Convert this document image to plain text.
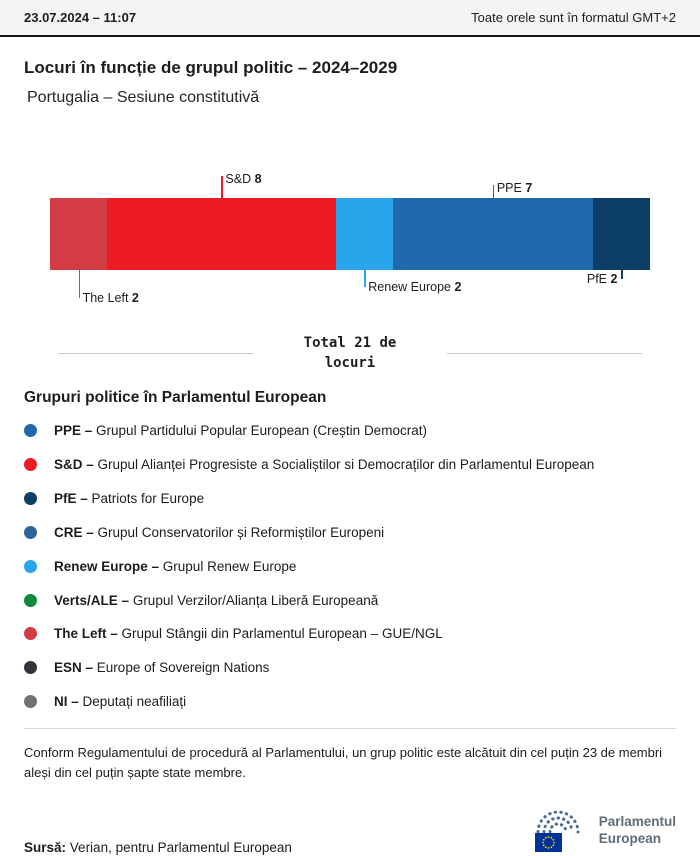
23.07.2024 – 11:07	Toate orele sunt în formatul GMT+2
Locuri în funcție de grupul politic – 2024–2029
Portugalia – Sesiune constitutivă
The Left 2
S&D 8
Renew Europe 2
PPE 7
PfE 2
Total 21 de locuri
Grupuri politice în Parlamentul European
PPE – Grupul Partidului Popular European (Creștin Democrat)
S&D – Grupul Alianței Progresiste a Socialiștilor si Democraților din Parlamentul European
PfE – Patriots for Europe
CRE – Grupul Conservatorilor și Reformiștilor Europeni
Renew Europe – Grupul Renew Europe
Verts/ALE – Grupul Verzilor/Alianța Liberă Europeană
The Left – Grupul Stângii din Parlamentul European – GUE/NGL
ESN – Europe of Sovereign Nations
NI – Deputați neafiliați

Conform Regulamentului de procedură al Parlamentului, un grup politic este alcătuit din cel puțin 23 de membri aleși din cel puțin șapte state membre.

Sursă: Verian, pentru Parlamentul European
Parlamentul
European
